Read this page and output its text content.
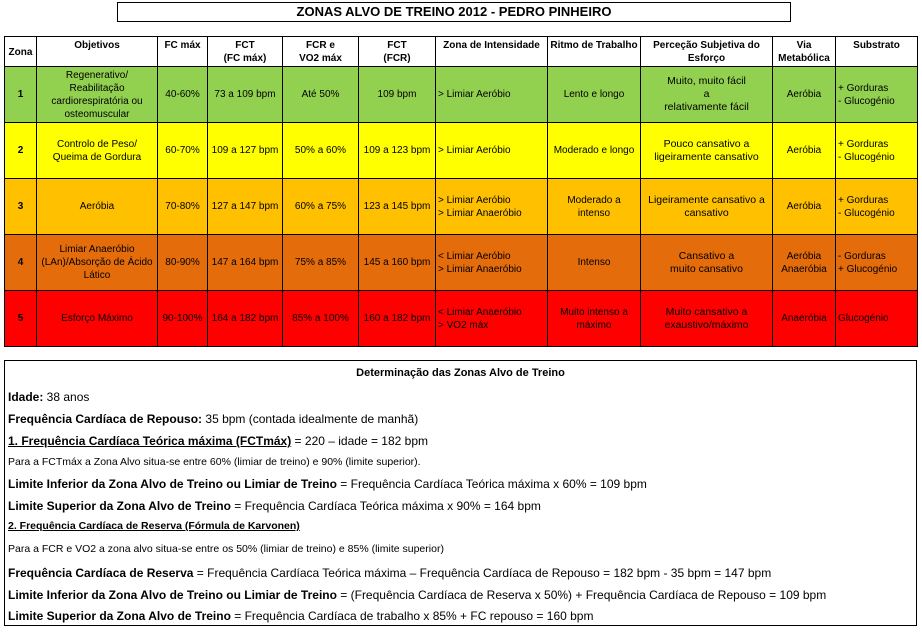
ZONAS ALVO DE TREINO 2012 - PEDRO PINHEIRO
Zona	Objetivos	FC máx	FCT
(FC máx)	FCR e
VO2 máx	FCT
(FCR)	Zona de Intensidade	Ritmo de Trabalho	Perceção Subjetiva do
Esforço	Via
Metabólica	Substrato
1	Regenerativo/
Reabilitação
cardiorespiratória ou
osteomuscular	40-60%	73 a 109 bpm	Até 50%	109 bpm	> Limiar Aeróbio	Lento e longo	Muito, muito fácil
a
relativamente fácil	Aeróbia	+ Gorduras
- Glucogénio
2	Controlo de Peso/
Queima de Gordura	60-70%	109 a 127 bpm	50% a 60%	109 a 123 bpm	> Limiar Aeróbio	Moderado e longo	Pouco cansativo a
ligeiramente cansativo	Aeróbia	+ Gorduras
- Glucogénio
3	Aeróbia	70-80%	127 a 147 bpm	60% a 75%	123 a 145 bpm	> Limiar Aeróbio
> Limiar Anaeróbio	Moderado a
intenso	Ligeiramente cansativo a
cansativo	Aeróbia	+ Gorduras
- Glucogénio
4	Limiar Anaeróbio
(LAn)/Absorção de Ácido
Lático	80-90%	147 a 164 bpm	75% a 85%	145 a 160 bpm	< Limiar Aeróbio
> Limiar Anaeróbio	Intenso	Cansativo a
muito cansativo	Aeróbia
Anaeróbia	- Gorduras
+ Glucogénio
5	Esforço Máximo	90-100%	164 a 182 bpm	85% a 100%	160 a 182 bpm	< Limiar Anaeróbio
> VO2 máx	Muito intenso a
máximo	Muito cansativo a
exaustivo/máximo	Anaeróbia	Glucogénio
Determinação das Zonas Alvo de Treino
Idade: 38 anos
Frequência Cardíaca de Repouso: 35 bpm (contada idealmente de manhã)
1. Frequência Cardíaca Teórica máxima (FCTmáx) = 220 – idade = 182 bpm
Para a FCTmáx a Zona Alvo situa-se entre 60% (limiar de treino) e 90% (limite superior).
Limite Inferior da Zona Alvo de Treino ou Limiar de Treino = Frequência Cardíaca Teórica máxima x 60% = 109 bpm
Limite Superior da Zona Alvo de Treino = Frequência Cardíaca Teórica máxima x 90% = 164 bpm
2. Frequência Cardíaca de Reserva (Fórmula de Karvonen)
Para a FCR e VO2 a zona alvo situa-se entre os 50% (limiar de treino) e 85% (limite superior)
Frequência Cardíaca de Reserva = Frequência Cardíaca Teórica máxima – Frequência Cardíaca de Repouso = 182 bpm - 35 bpm = 147 bpm
Limite Inferior da Zona Alvo de Treino ou Limiar de Treino = (Frequência Cardíaca de Reserva x 50%) + Frequência Cardíaca de Repouso = 109 bpm
Limite Superior da Zona Alvo de Treino = Frequência Cardíaca de trabalho x 85% + FC repouso = 160 bpm
